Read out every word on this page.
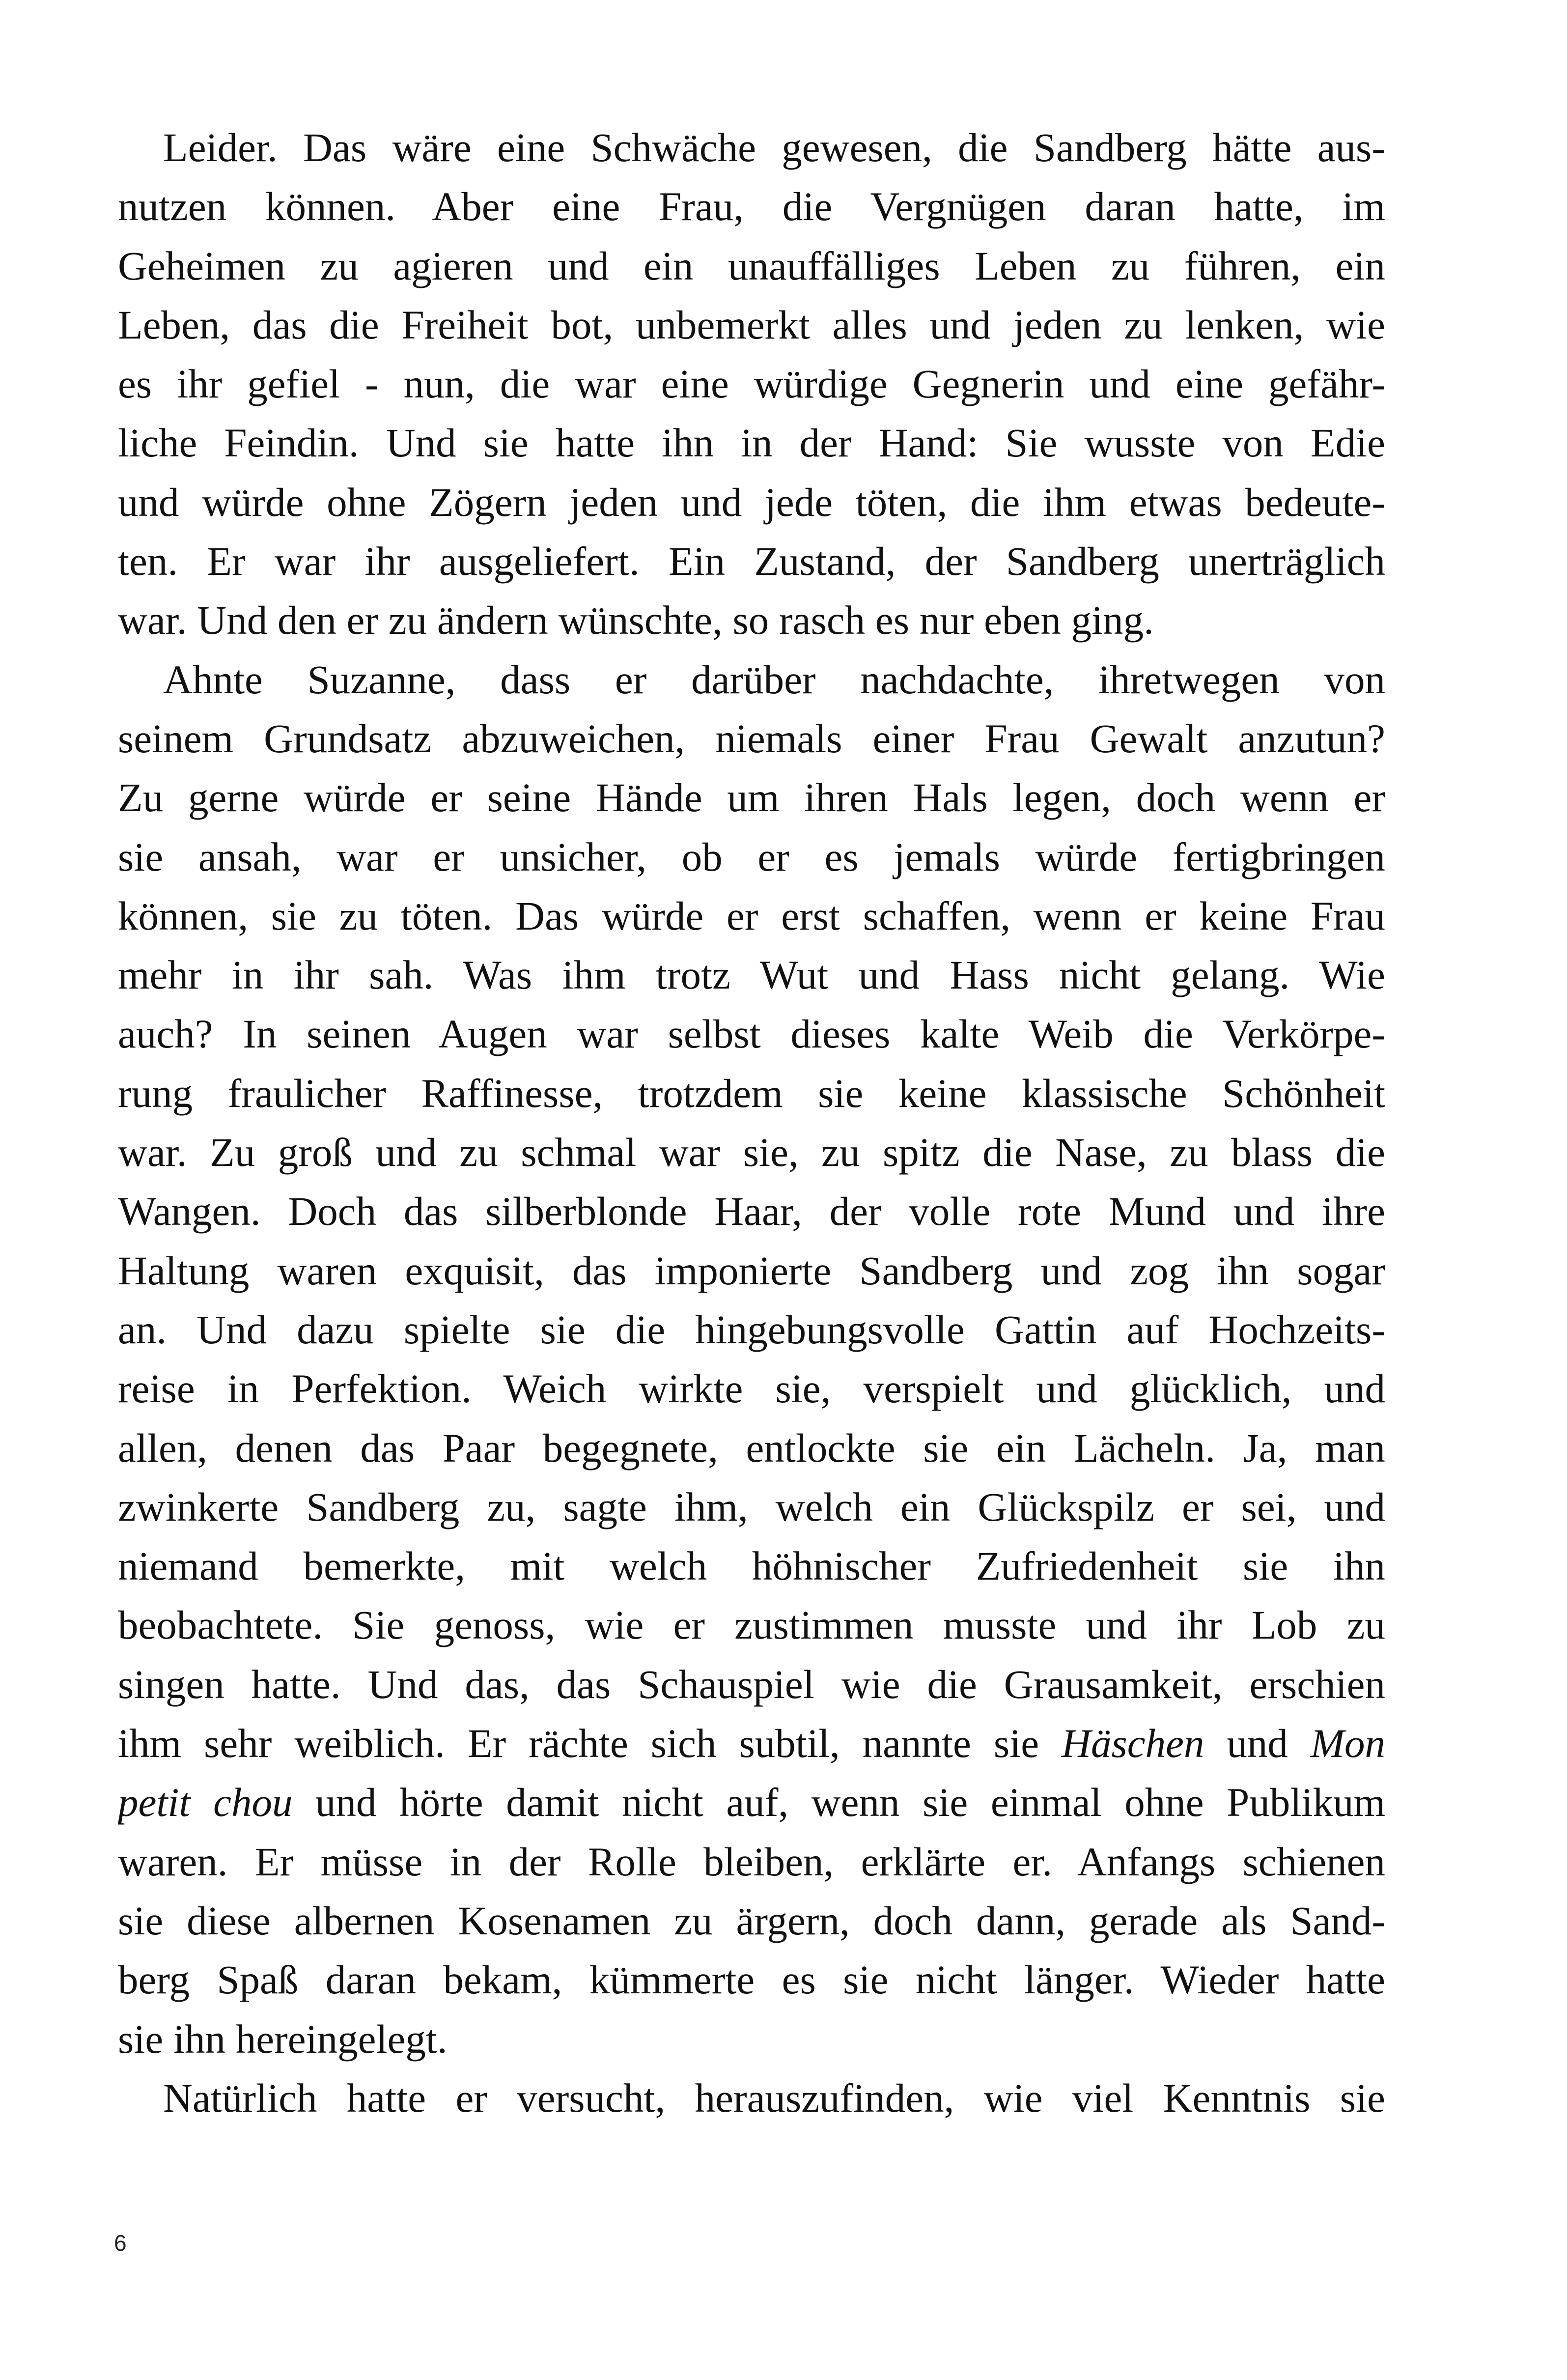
Leider. Das wäre eine Schwäche gewesen, die Sandberg hätte aus-
nutzen können. Aber eine Frau, die Vergnügen daran hatte, im
Geheimen zu agieren und ein unauffälliges Leben zu führen, ein
Leben, das die Freiheit bot, unbemerkt alles und jeden zu lenken, wie
es ihr gefiel - nun, die war eine würdige Gegnerin und eine gefähr-
liche Feindin. Und sie hatte ihn in der Hand: Sie wusste von Edie
und würde ohne Zögern jeden und jede töten, die ihm etwas bedeute-
ten. Er war ihr ausgeliefert. Ein Zustand, der Sandberg unerträglich
war. Und den er zu ändern wünschte, so rasch es nur eben ging.
Ahnte Suzanne, dass er darüber nachdachte, ihretwegen von
seinem Grundsatz abzuweichen, niemals einer Frau Gewalt anzutun?
Zu gerne würde er seine Hände um ihren Hals legen, doch wenn er
sie ansah, war er unsicher, ob er es jemals würde fertigbringen
können, sie zu töten. Das würde er erst schaffen, wenn er keine Frau
mehr in ihr sah. Was ihm trotz Wut und Hass nicht gelang. Wie
auch? In seinen Augen war selbst dieses kalte Weib die Verkörpe-
rung fraulicher Raffinesse, trotzdem sie keine klassische Schönheit
war. Zu groß und zu schmal war sie, zu spitz die Nase, zu blass die
Wangen. Doch das silberblonde Haar, der volle rote Mund und ihre
Haltung waren exquisit, das imponierte Sandberg und zog ihn sogar
an. Und dazu spielte sie die hingebungsvolle Gattin auf Hochzeits-
reise in Perfektion. Weich wirkte sie, verspielt und glücklich, und
allen, denen das Paar begegnete, entlockte sie ein Lächeln. Ja, man
zwinkerte Sandberg zu, sagte ihm, welch ein Glückspilz er sei, und
niemand bemerkte, mit welch höhnischer Zufriedenheit sie ihn
beobachtete. Sie genoss, wie er zustimmen musste und ihr Lob zu
singen hatte. Und das, das Schauspiel wie die Grausamkeit, erschien
ihm sehr weiblich. Er rächte sich subtil, nannte sie Häschen und Mon
petit chou und hörte damit nicht auf, wenn sie einmal ohne Publikum
waren. Er müsse in der Rolle bleiben, erklärte er. Anfangs schienen
sie diese albernen Kosenamen zu ärgern, doch dann, gerade als Sand-
berg Spaß daran bekam, kümmerte es sie nicht länger. Wieder hatte
sie ihn hereingelegt.
Natürlich hatte er versucht, herauszufinden, wie viel Kenntnis sie
6
